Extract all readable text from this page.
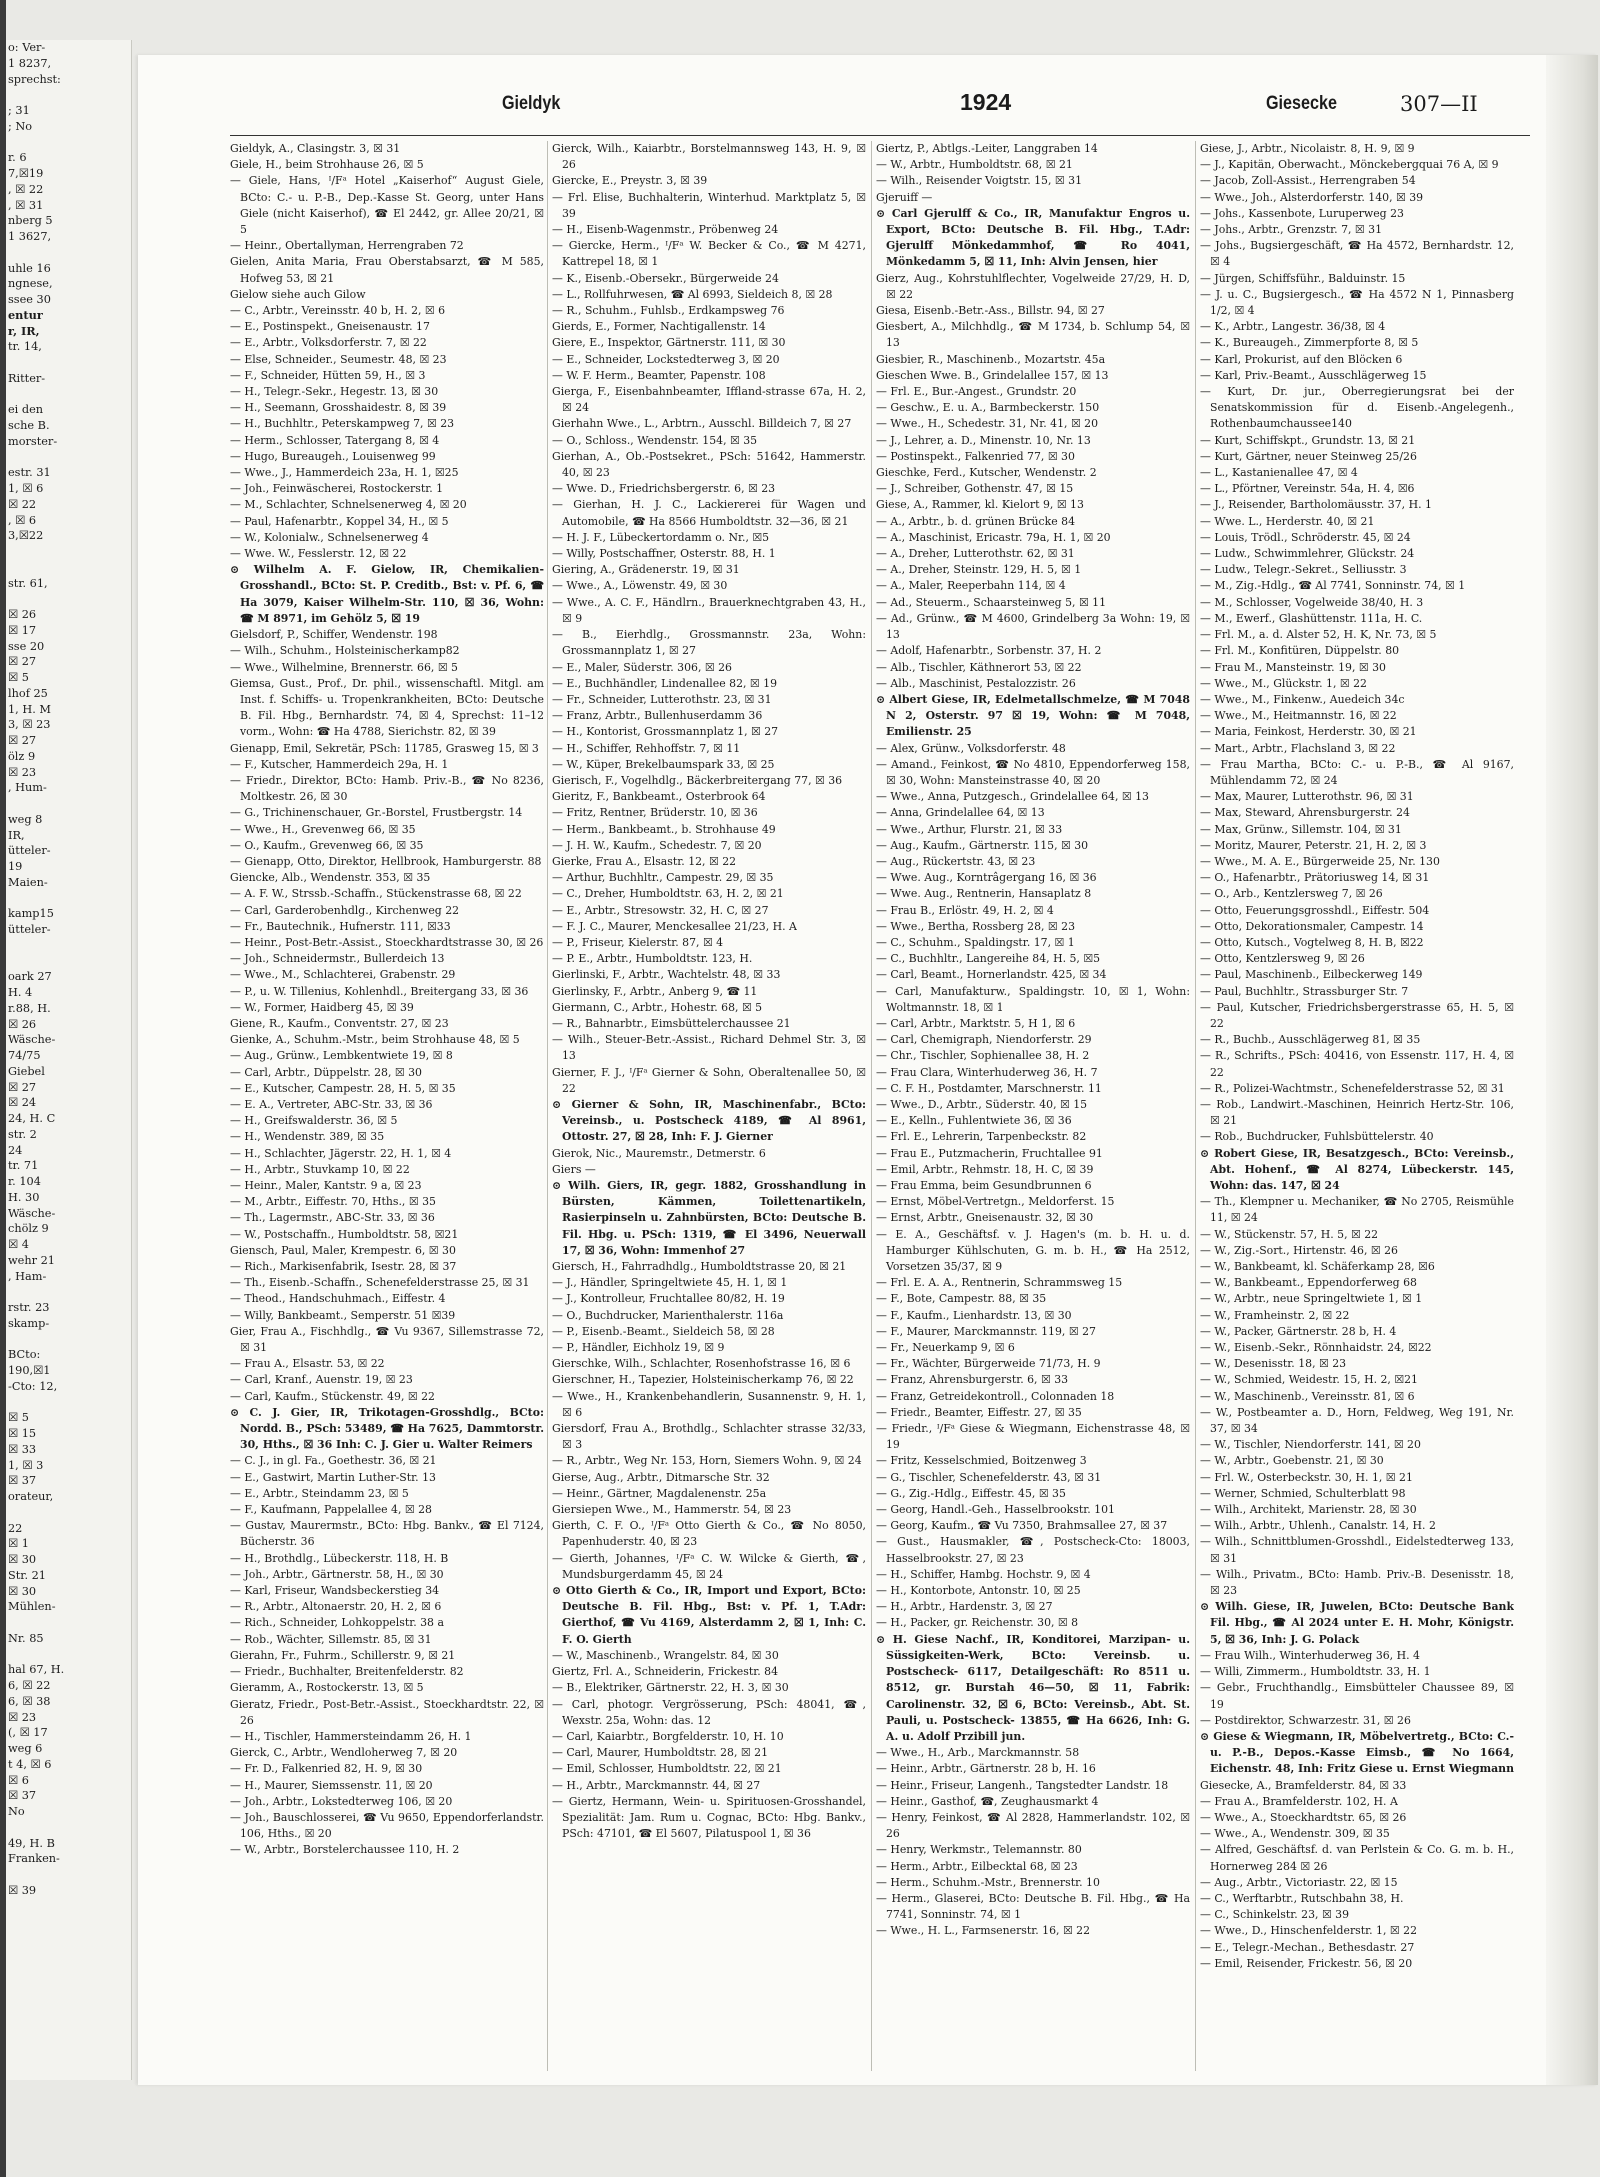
o: Ver-
1 8237,
sprechst:
; 31
; No
r. 6
7,☒19
, ☒ 22
, ☒ 31
nberg 5
1 3627,
uhle 16
ngnese,
ssee 30
entur
r, IR,
tr. 14,
Ritter-
ei den
sche B.
morster-
estr. 31
1, ☒ 6
☒ 22
, ☒ 6
3,☒22
str. 61,
☒ 26
☒ 17
sse 20
☒ 27
☒ 5
lhof 25
1, H. M
3, ☒ 23
☒ 27
ölz 9
☒ 23
, Hum-
weg 8
IR,
ütteler-
19
Maien-
kamp15
ütteler-
oark 27
H. 4
r.88, H.
☒ 26
Wäsche-
74/75
Giebel
☒ 27
☒ 24
24, H. C
str. 2
24
tr. 71
r. 104
H. 30
Wäsche-
chölz 9
☒ 4
wehr 21
, Ham-
rstr. 23
skamp-
BCto:
190,☒1
-Cto: 12,
☒ 5
☒ 15
☒ 33
1, ☒ 3
☒ 37
orateur,
22
☒ 1
☒ 30
Str. 21
☒ 30
Mühlen-
Nr. 85
hal 67, H.
6, ☒ 22
6, ☒ 38
☒ 23
(, ☒ 17
weg 6
t 4, ☒ 6
☒ 6
☒ 37
No
49, H. B
Franken-
☒ 39
Gieldyk	1924	Giesecke	307—II
Gieldyk, A., Clasingstr. 3, ☒ 31
Giele, H., beim Strohhause 26, ☒ 5
— Giele, Hans, ᴵ/Fᵃ Hotel „Kaiserhof“ August Giele, BCto: C.- u. P.-B., Dep.-Kasse St. Georg, unter Hans Giele (nicht Kaiserhof), ☎ El 2442, gr. Allee 20/21, ☒ 5
— Heinr., Obertallyman, Herrengraben 72
Gielen, Anita Maria, Frau Oberstabsarzt, ☎ M 585, Hofweg 53, ☒ 21
Gielow siehe auch Gilow
— C., Arbtr., Vereinsstr. 40 b, H. 2, ☒ 6
— E., Postinspekt., Gneisenaustr. 17
— E., Arbtr., Volksdorferstr. 7, ☒ 22
— Else, Schneider., Seumestr. 48, ☒ 23
— F., Schneider, Hütten 59, H., ☒ 3
— H., Telegr.-Sekr., Hegestr. 13, ☒ 30
— H., Seemann, Grosshaidestr. 8, ☒ 39
— H., Buchhltr., Peterskampweg 7, ☒ 23
— Herm., Schlosser, Tatergang 8, ☒ 4
— Hugo, Bureaugeh., Louisenweg 99
— Wwe., J., Hammerdeich 23a, H. 1, ☒25
— Joh., Feinwäscherei, Rostockerstr. 1
— M., Schlachter, Schnelsenerweg 4, ☒ 20
— Paul, Hafenarbtr., Koppel 34, H., ☒ 5
— W., Kolonialw., Schnelsenerweg 4
— Wwe. W., Fesslerstr. 12, ☒ 22
⊙ Wilhelm A. F. Gielow, IR, Chemikalien-Grosshandl., BCto: St. P. Creditb., Bst: v. Pf. 6, ☎ Ha 3079, Kaiser Wilhelm-Str. 110, ☒ 36, Wohn: ☎ M 8971, im Gehölz 5, ☒ 19
Gielsdorf, P., Schiffer, Wendenstr. 198
— Wilh., Schuhm., Holsteinischerkamp82
— Wwe., Wilhelmine, Brennerstr. 66, ☒ 5
Giemsa, Gust., Prof., Dr. phil., wissenschaftl. Mitgl. am Inst. f. Schiffs- u. Tropenkrankheiten, BCto: Deutsche B. Fil. Hbg., Bernhardstr. 74, ☒ 4, Sprechst: 11–12 vorm., Wohn: ☎ Ha 4788, Sierichstr. 82, ☒ 39
Gienapp, Emil, Sekretär, PSch: 11785, Grasweg 15, ☒ 3
— F., Kutscher, Hammerdeich 29a, H. 1
— Friedr., Direktor, BCto: Hamb. Priv.-B., ☎ No 8236, Moltkestr. 26, ☒ 30
— G., Trichinenschauer, Gr.-Borstel, Frustbergstr. 14
— Wwe., H., Grevenweg 66, ☒ 35
— O., Kaufm., Grevenweg 66, ☒ 35
— Gienapp, Otto, Direktor, Hellbrook, Hamburgerstr. 88
Giencke, Alb., Wendenstr. 353, ☒ 35
— A. F. W., Strssb.-Schaffn., Stückenstrasse 68, ☒ 22
— Carl, Garderobenhdlg., Kirchenweg 22
— Fr., Bautechnik., Hufnerstr. 111, ☒33
— Heinr., Post-Betr.-Assist., Stoeckhardtstrasse 30, ☒ 26
— Joh., Schneidermstr., Bullerdeich 13
— Wwe., M., Schlachterei, Grabenstr. 29
— P., u. W. Tillenius, Kohlenhdl., Breitergang 33, ☒ 36
— W., Former, Haidberg 45, ☒ 39
Giene, R., Kaufm., Conventstr. 27, ☒ 23
Gienke, A., Schuhm.-Mstr., beim Strohhause 48, ☒ 5
— Aug., Grünw., Lembkentwiete 19, ☒ 8
— Carl, Arbtr., Düppelstr. 28, ☒ 30
— E., Kutscher, Campestr. 28, H. 5, ☒ 35
— E. A., Vertreter, ABC-Str. 33, ☒ 36
— H., Greifswalderstr. 36, ☒ 5
— H., Wendenstr. 389, ☒ 35
— H., Schlachter, Jägerstr. 22, H. 1, ☒ 4
— H., Arbtr., Stuvkamp 10, ☒ 22
— Heinr., Maler, Kantstr. 9 a, ☒ 23
— M., Arbtr., Eiffestr. 70, Hths., ☒ 35
— Th., Lagermstr., ABC-Str. 33, ☒ 36
— W., Postschaffn., Humboldtstr. 58, ☒21
Giensch, Paul, Maler, Krempestr. 6, ☒ 30
— Rich., Markisenfabrik, Isestr. 28, ☒ 37
— Th., Eisenb.-Schaffn., Schenefelderstrasse 25, ☒ 31
— Theod., Handschuhmach., Eiffestr. 4
— Willy, Bankbeamt., Semperstr. 51 ☒39
Gier, Frau A., Fischhdlg., ☎ Vu 9367, Sillemstrasse 72, ☒ 31
— Frau A., Elsastr. 53, ☒ 22
— Carl, Kranf., Auenstr. 19, ☒ 23
— Carl, Kaufm., Stückenstr. 49, ☒ 22
⊙ C. J. Gier, IR, Trikotagen-Grosshdlg., BCto: Nordd. B., PSch: 53489, ☎ Ha 7625, Dammtorstr. 30, Hths., ☒ 36 Inh: C. J. Gier u. Walter Reimers
— C. J., in gl. Fa., Goethestr. 36, ☒ 21
— E., Gastwirt, Martin Luther-Str. 13
— E., Arbtr., Steindamm 23, ☒ 5
— F., Kaufmann, Pappelallee 4, ☒ 28
— Gustav, Maurermstr., BCto: Hbg. Bankv., ☎ El 7124, Bücherstr. 36
— H., Brothdlg., Lübeckerstr. 118, H. B
— Joh., Arbtr., Gärtnerstr. 58, H., ☒ 30
— Karl, Friseur, Wandsbeckerstieg 34
— R., Arbtr., Altonaerstr. 20, H. 2, ☒ 6
— Rich., Schneider, Lohkoppelstr. 38 a
— Rob., Wächter, Sillemstr. 85, ☒ 31
Gierahn, Fr., Fuhrm., Schillerstr. 9, ☒ 21
— Friedr., Buchhalter, Breitenfelderstr. 82
Gieramm, A., Rostockerstr. 13, ☒ 5
Gieratz, Friedr., Post-Betr.-Assist., Stoeckhardtstr. 22, ☒ 26
— H., Tischler, Hammersteindamm 26, H. 1
Gierck, C., Arbtr., Wendloherweg 7, ☒ 20
— Fr. D., Falkenried 82, H. 9, ☒ 30
— H., Maurer, Siemssenstr. 11, ☒ 20
— Joh., Arbtr., Lokstedterweg 106, ☒ 20
— Joh., Bauschlosserei, ☎ Vu 9650, Eppendorferlandstr. 106, Hths., ☒ 20
— W., Arbtr., Borstelerchaussee 110, H. 2
Gierck, Wilh., Kaiarbtr., Borstelmannsweg 143, H. 9, ☒ 26
Giercke, E., Preystr. 3, ☒ 39
— Frl. Elise, Buchhalterin, Winterhud. Marktplatz 5, ☒ 39
— H., Eisenb-Wagenmstr., Pröbenweg 24
— Giercke, Herm., ᴵ/Fᵃ W. Becker & Co., ☎ M 4271, Kattrepel 18, ☒ 1
— K., Eisenb.-Obersekr., Bürgerweide 24
— L., Rollfuhrwesen, ☎ Al 6993, Sieldeich 8, ☒ 28
— R., Schuhm., Fuhlsb., Erdkampsweg 76
Gierds, E., Former, Nachtigallenstr. 14
Giere, E., Inspektor, Gärtnerstr. 111, ☒ 30
— E., Schneider, Lockstedterweg 3, ☒ 20
— W. F. Herm., Beamter, Papenstr. 108
Gierga, F., Eisenbahnbeamter, Iffland-strasse 67a, H. 2, ☒ 24
Gierhahn Wwe., L., Arbtrn., Ausschl. Billdeich 7, ☒ 27
— O., Schloss., Wendenstr. 154, ☒ 35
Gierhan, A., Ob.-Postsekret., PSch: 51642, Hammerstr. 40, ☒ 23
— Wwe. D., Friedrichsbergerstr. 6, ☒ 23
— Gierhan, H. J. C., Lackiererei für Wagen und Automobile, ☎ Ha 8566 Humboldtstr. 32—36, ☒ 21
— H. J. F., Lübeckertordamm o. Nr., ☒5
— Willy, Postschaffner, Osterstr. 88, H. 1
Giering, A., Grädenerstr. 19, ☒ 31
— Wwe., A., Löwenstr. 49, ☒ 30
— Wwe., A. C. F., Händlrn., Brauerknechtgraben 43, H., ☒ 9
— B., Eierhdlg., Grossmannstr. 23a, Wohn: Grossmannplatz 1, ☒ 27
— E., Maler, Süderstr. 306, ☒ 26
— E., Buchhändler, Lindenallee 82, ☒ 19
— Fr., Schneider, Lutterothstr. 23, ☒ 31
— Franz, Arbtr., Bullenhuserdamm 36
— H., Kontorist, Grossmannplatz 1, ☒ 27
— H., Schiffer, Rehhoffstr. 7, ☒ 11
— W., Küper, Brekelbaumspark 33, ☒ 25
Gierisch, F., Vogelhdlg., Bäckerbreitergang 77, ☒ 36
Gieritz, F., Bankbeamt., Osterbrook 64
— Fritz, Rentner, Brüderstr. 10, ☒ 36
— Herm., Bankbeamt., b. Strohhause 49
— J. H. W., Kaufm., Schedestr. 7, ☒ 20
Gierke, Frau A., Elsastr. 12, ☒ 22
— Arthur, Buchhltr., Campestr. 29, ☒ 35
— C., Dreher, Humboldtstr. 63, H. 2, ☒ 21
— E., Arbtr., Stresowstr. 32, H. C, ☒ 27
— F. J. C., Maurer, Menckesallee 21/23, H. A
— P., Friseur, Kielerstr. 87, ☒ 4
— P. E., Arbtr., Humboldtstr. 123, H.
Gierlinski, F., Arbtr., Wachtelstr. 48, ☒ 33
Gierlinsky, F., Arbtr., Anberg 9, ☎ 11
Giermann, C., Arbtr., Hohestr. 68, ☒ 5
— R., Bahnarbtr., Eimsbüttelerchaussee 21
— Wilh., Steuer-Betr.-Assist., Richard Dehmel Str. 3, ☒ 13
Gierner, F. J., ᴵ/Fᵃ Gierner & Sohn, Oberaltenallee 50, ☒ 22
⊙ Gierner & Sohn, IR, Maschinenfabr., BCto: Vereinsb., u. Postscheck 4189, ☎ Al 8961, Ottostr. 27, ☒ 28, Inh: F. J. Gierner
Gierok, Nic., Mauremstr., Detmerstr. 6
Giers —
⊙ Wilh. Giers, IR, gegr. 1882, Grosshandlung in Bürsten, Kämmen, Toilettenartikeln, Rasierpinseln u. Zahnbürsten, BCto: Deutsche B. Fil. Hbg. u. PSch: 1319, ☎ El 3496, Neuerwall 17, ☒ 36, Wohn: Immenhof 27
Giersch, H., Fahrradhdlg., Humboldtstrasse 20, ☒ 21
— J., Händler, Springeltwiete 45, H. 1, ☒ 1
— J., Kontrolleur, Fruchtallee 80/82, H. 19
— O., Buchdrucker, Marienthalerstr. 116a
— P., Eisenb.-Beamt., Sieldeich 58, ☒ 28
— P., Händler, Eichholz 19, ☒ 9
Gierschke, Wilh., Schlachter, Rosenhofstrasse 16, ☒ 6
Gierschner, H., Tapezier, Holsteinischerkamp 76, ☒ 22
— Wwe., H., Krankenbehandlerin, Susannenstr. 9, H. 1, ☒ 6
Giersdorf, Frau A., Brothdlg., Schlachter strasse 32/33, ☒ 3
— R., Arbtr., Weg Nr. 153, Horn, Siemers Wohn. 9, ☒ 24
Gierse, Aug., Arbtr., Ditmarsche Str. 32
— Heinr., Gärtner, Magdalenenstr. 25a
Giersiepen Wwe., M., Hammerstr. 54, ☒ 23
Gierth, C. F. O., ᴵ/Fᵃ Otto Gierth & Co., ☎ No 8050, Papenhuderstr. 40, ☒ 23
— Gierth, Johannes, ᴵ/Fᵃ C. W. Wilcke & Gierth, ☎, Mundsburgerdamm 45, ☒ 24
⊙ Otto Gierth & Co., IR, Import und Export, BCto: Deutsche B. Fil. Hbg., Bst: v. Pf. 1, T.Adr: Gierthof, ☎ Vu 4169, Alsterdamm 2, ☒ 1, Inh: C. F. O. Gierth
— W., Maschinenb., Wrangelstr. 84, ☒ 30
Giertz, Frl. A., Schneiderin, Frickestr. 84
— B., Elektriker, Gärtnerstr. 22, H. 3, ☒ 30
— Carl, photogr. Vergrösserung, PSch: 48041, ☎, Wexstr. 25a, Wohn: das. 12
— Carl, Kaiarbtr., Borgfelderstr. 10, H. 10
— Carl, Maurer, Humboldtstr. 28, ☒ 21
— Emil, Schlosser, Humboldtstr. 22, ☒ 21
— H., Arbtr., Marckmannstr. 44, ☒ 27
— Giertz, Hermann, Wein- u. Spirituosen-Grosshandel, Spezialität: Jam. Rum u. Cognac, BCto: Hbg. Bankv., PSch: 47101, ☎ El 5607, Pilatuspool 1, ☒ 36
Giertz, P., Abtlgs.-Leiter, Langgraben 14
— W., Arbtr., Humboldtstr. 68, ☒ 21
— Wilh., Reisender Voigtstr. 15, ☒ 31
Gjeruiff —
⊙ Carl Gjerulff & Co., IR, Manufaktur Engros u. Export, BCto: Deutsche B. Fil. Hbg., T.Adr: Gjerulff Mönkedammhof, ☎ Ro 4041, Mönkedamm 5, ☒ 11, Inh: Alvin Jensen, hier
Gierz, Aug., Kohrstuhlflechter, Vogelweide 27/29, H. D, ☒ 22
Giesa, Eisenb.-Betr.-Ass., Billstr. 94, ☒ 27
Giesbert, A., Milchhdlg., ☎ M 1734, b. Schlump 54, ☒ 13
Giesbier, R., Maschinenb., Mozartstr. 45a
Gieschen Wwe. B., Grindelallee 157, ☒ 13
— Frl. E., Bur.-Angest., Grundstr. 20
— Geschw., E. u. A., Barmbeckerstr. 150
— Wwe., H., Schedestr. 31, Nr. 41, ☒ 20
— J., Lehrer, a. D., Minenstr. 10, Nr. 13
— Postinspekt., Falkenried 77, ☒ 30
Gieschke, Ferd., Kutscher, Wendenstr. 2
— J., Schreiber, Gothenstr. 47, ☒ 15
Giese, A., Rammer, kl. Kielort 9, ☒ 13
— A., Arbtr., b. d. grünen Brücke 84
— A., Maschinist, Ericastr. 79a, H. 1, ☒ 20
— A., Dreher, Lutterothstr. 62, ☒ 31
— A., Dreher, Steinstr. 129, H. 5, ☒ 1
— A., Maler, Reeperbahn 114, ☒ 4
— Ad., Steuerm., Schaarsteinweg 5, ☒ 11
— Ad., Grünw., ☎ M 4600, Grindelberg 3a Wohn: 19, ☒ 13
— Adolf, Hafenarbtr., Sorbenstr. 37, H. 2
— Alb., Tischler, Käthnerort 53, ☒ 22
— Alb., Maschinist, Pestalozzistr. 26
⊙ Albert Giese, IR, Edelmetallschmelze, ☎ M 7048 N 2, Osterstr. 97 ☒ 19, Wohn: ☎ M 7048, Emilienstr. 25
— Alex, Grünw., Volksdorferstr. 48
— Amand., Feinkost, ☎ No 4810, Eppendorferweg 158, ☒ 30, Wohn: Mansteinstrasse 40, ☒ 20
— Wwe., Anna, Putzgesch., Grindelallee 64, ☒ 13
— Anna, Grindelallee 64, ☒ 13
— Wwe., Arthur, Flurstr. 21, ☒ 33
— Aug., Kaufm., Gärtnerstr. 115, ☒ 30
— Aug., Rückertstr. 43, ☒ 23
— Wwe. Aug., Korntrâgergang 16, ☒ 36
— Wwe. Aug., Rentnerin, Hansaplatz 8
— Frau B., Erlöstr. 49, H. 2, ☒ 4
— Wwe., Bertha, Rossberg 28, ☒ 23
— C., Schuhm., Spaldingstr. 17, ☒ 1
— C., Buchhltr., Langereihe 84, H. 5, ☒5
— Carl, Beamt., Hornerlandstr. 425, ☒ 34
— Carl, Manufakturw., Spaldingstr. 10, ☒ 1, Wohn: Woltmannstr. 18, ☒ 1
— Carl, Arbtr., Marktstr. 5, H 1, ☒ 6
— Carl, Chemigraph, Niendorferstr. 29
— Chr., Tischler, Sophienallee 38, H. 2
— Frau Clara, Winterhuderweg 36, H. 7
— C. F. H., Postdamter, Marschnerstr. 11
— Wwe., D., Arbtr., Süderstr. 40, ☒ 15
— E., Kelln., Fuhlentwiete 36, ☒ 36
— Frl. E., Lehrerin, Tarpenbeckstr. 82
— Frau E., Putzmacherin, Fruchtallee 91
— Emil, Arbtr., Rehmstr. 18, H. C, ☒ 39
— Frau Emma, beim Gesundbrunnen 6
— Ernst, Möbel-Vertretgn., Meldorferst. 15
— Ernst, Arbtr., Gneisenaustr. 32, ☒ 30
— E. A., Geschäftsf. v. J. Hagen's (m. b. H. u. d. Hamburger Kühlschuten, G. m. b. H., ☎ Ha 2512, Vorsetzen 35/37, ☒ 9
— Frl. E. A. A., Rentnerin, Schrammsweg 15
— F., Bote, Campestr. 88, ☒ 35
— F., Kaufm., Lienhardstr. 13, ☒ 30
— F., Maurer, Marckmannstr. 119, ☒ 27
— Fr., Neuerkamp 9, ☒ 6
— Fr., Wächter, Bürgerweide 71/73, H. 9
— Franz, Ahrensburgerstr. 6, ☒ 33
— Franz, Getreidekontroll., Colonnaden 18
— Friedr., Beamter, Eiffestr. 27, ☒ 35
— Friedr., ᴵ/Fᵃ Giese & Wiegmann, Eichenstrasse 48, ☒ 19
— Fritz, Kesselschmied, Boitzenweg 3
— G., Tischler, Schenefelderstr. 43, ☒ 31
— G., Zig.-Hdlg., Eiffestr. 45, ☒ 35
— Georg, Handl.-Geh., Hasselbrookstr. 101
— Georg, Kaufm., ☎ Vu 7350, Brahmsallee 27, ☒ 37
— Gust., Hausmakler, ☎, Postscheck-Cto: 18003, Hasselbrookstr. 27, ☒ 23
— H., Schiffer, Hambg. Hochstr. 9, ☒ 4
— H., Kontorbote, Antonstr. 10, ☒ 25
— H., Arbtr., Hardenstr. 3, ☒ 27
— H., Packer, gr. Reichenstr. 30, ☒ 8
⊙ H. Giese Nachf., IR, Konditorei, Marzipan- u. Süssigkeiten-Werk, BCto: Vereinsb. u. Postscheck- 6117, Detailgeschäft: Ro 8511 u. 8512, gr. Burstah 46—50, ☒ 11, Fabrik: Carolinenstr. 32, ☒ 6, BCto: Vereinsb., Abt. St. Pauli, u. Postscheck- 13855, ☎ Ha 6626, Inh: G. A. u. Adolf Przibill jun.
— Wwe., H., Arb., Marckmannstr. 58
— Heinr., Arbtr., Gärtnerstr. 28 b, H. 16
— Heinr., Friseur, Langenh., Tangstedter Landstr. 18
— Heinr., Gasthof, ☎, Zeughausmarkt 4
— Henry, Feinkost, ☎ Al 2828, Hammerlandstr. 102, ☒ 26
— Henry, Werkmstr., Telemannstr. 80
— Herm., Arbtr., Eilbecktal 68, ☒ 23
— Herm., Schuhm.-Mstr., Brennerstr. 10
— Herm., Glaserei, BCto: Deutsche B. Fil. Hbg., ☎ Ha 7741, Sonninstr. 74, ☒ 1
— Wwe., H. L., Farmsenerstr. 16, ☒ 22
Giese, J., Arbtr., Nicolaistr. 8, H. 9, ☒ 9
— J., Kapitän, Oberwacht., Mönckebergquai 76 A, ☒ 9
— Jacob, Zoll-Assist., Herrengraben 54
— Wwe., Joh., Alsterdorferstr. 140, ☒ 39
— Johs., Kassenbote, Luruperweg 23
— Johs., Arbtr., Grenzstr. 7, ☒ 31
— Johs., Bugsiergeschäft, ☎ Ha 4572, Bernhardstr. 12, ☒ 4
— Jürgen, Schiffsführ., Balduinstr. 15
— J. u. C., Bugsiergesch., ☎ Ha 4572 N 1, Pinnasberg 1/2, ☒ 4
— K., Arbtr., Langestr. 36/38, ☒ 4
— K., Bureaugeh., Zimmerpforte 8, ☒ 5
— Karl, Prokurist, auf den Blöcken 6
— Karl, Priv.-Beamt., Ausschlägerweg 15
— Kurt, Dr. jur., Oberregierungsrat bei der Senatskommission für d. Eisenb.-Angelegenh., Rothenbaumchaussee140
— Kurt, Schiffskpt., Grundstr. 13, ☒ 21
— Kurt, Gärtner, neuer Steinweg 25/26
— L., Kastanienallee 47, ☒ 4
— L., Pförtner, Vereinstr. 54a, H. 4, ☒6
— J., Reisender, Bartholomäusstr. 37, H. 1
— Wwe. L., Herderstr. 40, ☒ 21
— Louis, Trödl., Schröderstr. 45, ☒ 24
— Ludw., Schwimmlehrer, Glückstr. 24
— Ludw., Telegr.-Sekret., Selliusstr. 3
— M., Zig.-Hdlg., ☎ Al 7741, Sonninstr. 74, ☒ 1
— M., Schlosser, Vogelweide 38/40, H. 3
— M., Ewerf., Glashüttenstr. 111a, H. C.
— Frl. M., a. d. Alster 52, H. K, Nr. 73, ☒ 5
— Frl. M., Konfitüren, Düppelstr. 80
— Frau M., Mansteinstr. 19, ☒ 30
— Wwe., M., Glückstr. 1, ☒ 22
— Wwe., M., Finkenw., Auedeich 34c
— Wwe., M., Heitmannstr. 16, ☒ 22
— Maria, Feinkost, Herderstr. 30, ☒ 21
— Mart., Arbtr., Flachsland 3, ☒ 22
— Frau Martha, BCto: C.- u. P.-B., ☎ Al 9167, Mühlendamm 72, ☒ 24
— Max, Maurer, Lutterothstr. 96, ☒ 31
— Max, Steward, Ahrensburgerstr. 24
— Max, Grünw., Sillemstr. 104, ☒ 31
— Moritz, Maurer, Peterstr. 21, H. 2, ☒ 3
— Wwe., M. A. E., Bürgerweide 25, Nr. 130
— O., Hafenarbtr., Prätoriusweg 14, ☒ 31
— O., Arb., Kentzlersweg 7, ☒ 26
— Otto, Feuerungsgrosshdl., Eiffestr. 504
— Otto, Dekorationsmaler, Campestr. 14
— Otto, Kutsch., Vogtelweg 8, H. B, ☒22
— Otto, Kentzlersweg 9, ☒ 26
— Paul, Maschinenb., Eilbeckerweg 149
— Paul, Buchhltr., Strassburger Str. 7
— Paul, Kutscher, Friedrichsbergerstrasse 65, H. 5, ☒ 22
— R., Buchb., Ausschlägerweg 81, ☒ 35
— R., Schrifts., PSch: 40416, von Essenstr. 117, H. 4, ☒ 22
— R., Polizei-Wachtmstr., Schenefelderstrasse 52, ☒ 31
— Rob., Landwirt.-Maschinen, Heinrich Hertz-Str. 106, ☒ 21
— Rob., Buchdrucker, Fuhlsbüttelerstr. 40
⊙ Robert Giese, IR, Besatzgesch., BCto: Vereinsb., Abt. Hohenf., ☎ Al 8274, Lübeckerstr. 145, Wohn: das. 147, ☒ 24
— Th., Klempner u. Mechaniker, ☎ No 2705, Reismühle 11, ☒ 24
— W., Stückenstr. 57, H. 5, ☒ 22
— W., Zig.-Sort., Hirtenstr. 46, ☒ 26
— W., Bankbeamt, kl. Schäferkamp 28, ☒6
— W., Bankbeamt., Eppendorferweg 68
— W., Arbtr., neue Springeltwiete 1, ☒ 1
— W., Framheinstr. 2, ☒ 22
— W., Packer, Gärtnerstr. 28 b, H. 4
— W., Eisenb.-Sekr., Rönnhaidstr. 24, ☒22
— W., Desenisstr. 18, ☒ 23
— W., Schmied, Weidestr. 15, H. 2, ☒21
— W., Maschinenb., Vereinsstr. 81, ☒ 6
— W., Postbeamter a. D., Horn, Feldweg, Weg 191, Nr. 37, ☒ 34
— W., Tischler, Niendorferstr. 141, ☒ 20
— W., Arbtr., Goebenstr. 21, ☒ 30
— Frl. W., Osterbeckstr. 30, H. 1, ☒ 21
— Werner, Schmied, Schulterblatt 98
— Wilh., Architekt, Marienstr. 28, ☒ 30
— Wilh., Arbtr., Uhlenh., Canalstr. 14, H. 2
— Wilh., Schnittblumen-Grosshdl., Eidelstedterweg 133, ☒ 31
— Wilh., Privatm., BCto: Hamb. Priv.-B. Desenisstr. 18, ☒ 23
⊙ Wilh. Giese, IR, Juwelen, BCto: Deutsche Bank Fil. Hbg., ☎ Al 2024 unter E. H. Mohr, Königstr. 5, ☒ 36, Inh: J. G. Polack
— Frau Wilh., Winterhuderweg 36, H. 4
— Willi, Zimmerm., Humboldtstr. 33, H. 1
— Gebr., Fruchthandlg., Eimsbütteler Chaussee 89, ☒ 19
— Postdirektor, Schwarzestr. 31, ☒ 26
⊙ Giese & Wiegmann, IR, Möbelvertretg., BCto: C.- u. P.-B., Depos.-Kasse Eimsb., ☎ No 1664, Eichenstr. 48, Inh: Fritz Giese u. Ernst Wiegmann
Giesecke, A., Bramfelderstr. 84, ☒ 33
— Frau A., Bramfelderstr. 102, H. A
— Wwe., A., Stoeckhardtstr. 65, ☒ 26
— Wwe., A., Wendenstr. 309, ☒ 35
— Alfred, Geschäftsf. d. van Perlstein & Co. G. m. b. H., Hornerweg 284 ☒ 26
— Aug., Arbtr., Victoriastr. 22, ☒ 15
— C., Werftarbtr., Rutschbahn 38, H.
— C., Schinkelstr. 23, ☒ 39
— Wwe., D., Hinschenfelderstr. 1, ☒ 22
— E., Telegr.-Mechan., Bethesdastr. 27
— Emil, Reisender, Frickestr. 56, ☒ 20
